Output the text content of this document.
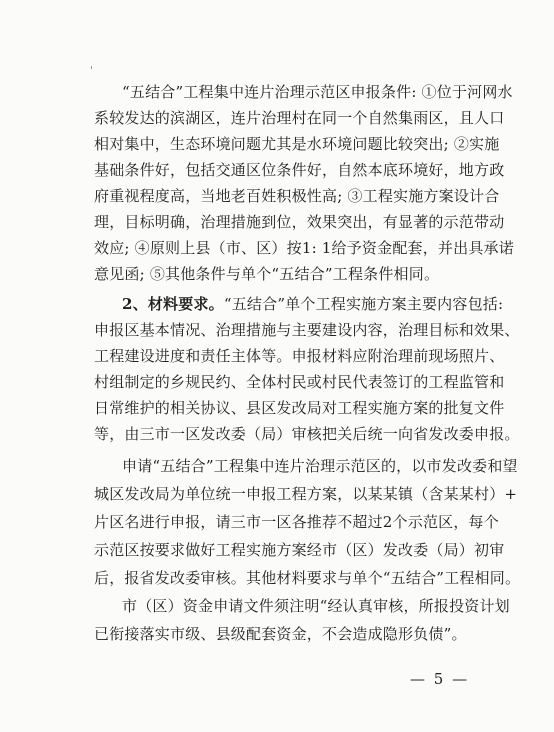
'
“五结合”工程集中连片治理示范区申报条件: ①位于河网水
系较发达的滨湖区，连片治理村在同一个自然集雨区，且人口
相对集中，生态环境问题尤其是水环境问题比较突出; ②实施
基础条件好，包括交通区位条件好，自然本底环境好，地方政
府重视程度高，当地老百姓积极性高; ③工程实施方案设计合
理，目标明确，治理措施到位，效果突出，有显著的示范带动
效应; ④原则上县（市、区）按1: 1给予资金配套，并出具承诺
意见函; ⑤其他条件与单个“五结合”工程条件相同。
2、材料要求。“五结合”单个工程实施方案主要内容包括:
申报区基本情况、治理措施与主要建设内容，治理目标和效果、
工程建设进度和责任主体等。申报材料应附治理前现场照片、
村组制定的乡规民约、全体村民或村民代表签订的工程监管和
日常维护的相关协议、县区发改局对工程实施方案的批复文件
等，由三市一区发改委（局）审核把关后统一向省发改委申报。
申请“五结合”工程集中连片治理示范区的，以市发改委和望
城区发改局为单位统一申报工程方案，以某某镇（含某某村）+
片区名进行申报，请三市一区各推荐不超过2个示范区，每个
示范区按要求做好工程实施方案经市（区）发改委（局）初审
后，报省发改委审核。其他材料要求与单个“五结合”工程相同。
市（区）资金申请文件须注明“经认真审核，所报投资计划
已衔接落实市级、县级配套资金，不会造成隐形负债”。
— 5 —
